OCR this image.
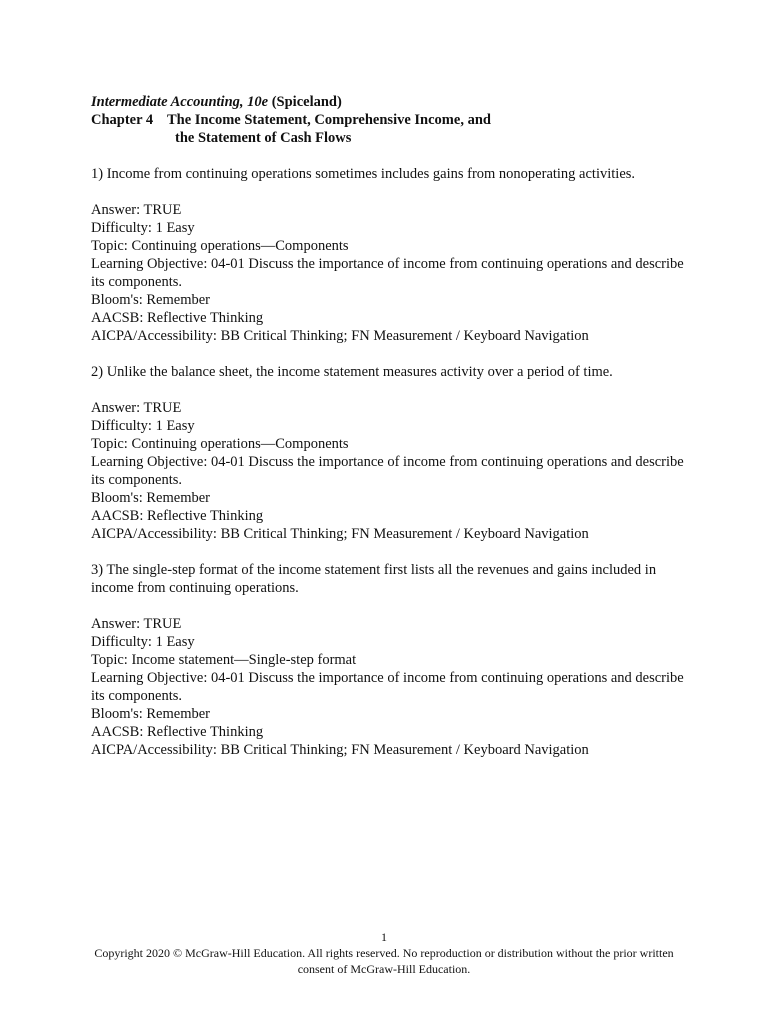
Intermediate Accounting, 10e (Spiceland)
Chapter 4 The Income Statement, Comprehensive Income, and
the Statement of Cash Flows

1) Income from continuing operations sometimes includes gains from nonoperating activities.

Answer: TRUE

Difficulty: 1 Easy

Topic: Continuing operations—Components

Learning Objective: 04-01 Discuss the importance of income from continuing operations and describe its components.

Bloom's: Remember

AACSB: Reflective Thinking

AICPA/Accessibility: BB Critical Thinking; FN Measurement / Keyboard Navigation

2) Unlike the balance sheet, the income statement measures activity over a period of time.

Answer: TRUE

Difficulty: 1 Easy

Topic: Continuing operations—Components

Learning Objective: 04-01 Discuss the importance of income from continuing operations and describe its components.

Bloom's: Remember

AACSB: Reflective Thinking

AICPA/Accessibility: BB Critical Thinking; FN Measurement / Keyboard Navigation

3) The single-step format of the income statement first lists all the revenues and gains included in income from continuing operations.

Answer: TRUE

Difficulty: 1 Easy

Topic: Income statement—Single-step format

Learning Objective: 04-01 Discuss the importance of income from continuing operations and describe its components.

Bloom's: Remember

AACSB: Reflective Thinking

AICPA/Accessibility: BB Critical Thinking; FN Measurement / Keyboard Navigation

1
Copyright 2020 © McGraw-Hill Education. All rights reserved. No reproduction or distribution without the prior written consent of McGraw-Hill Education.
